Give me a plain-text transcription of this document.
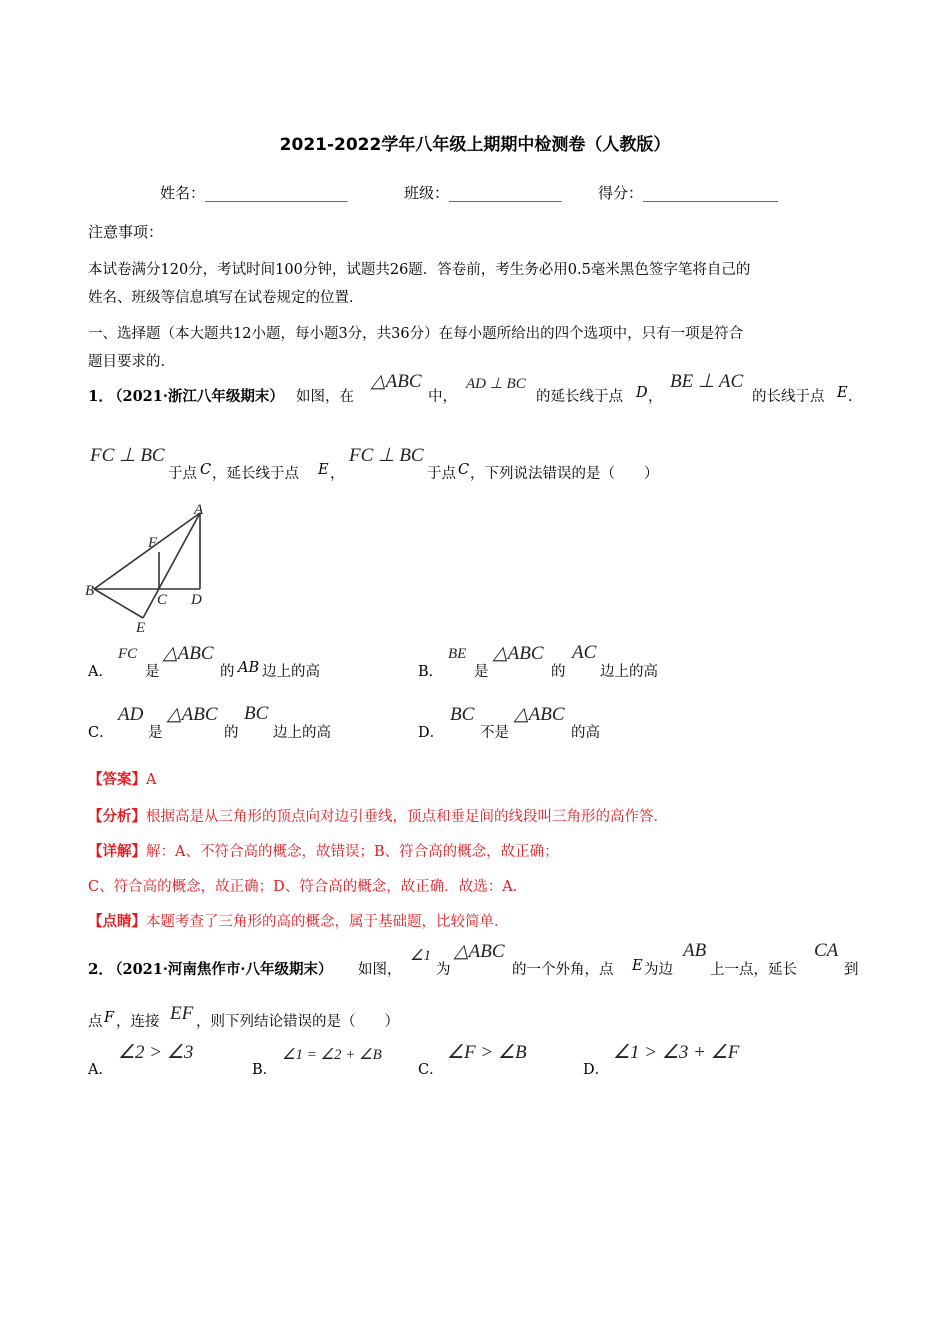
2021-2022学年八年级上期期中检测卷（人教版）
姓名：___________________	班级：_______________ 得分：__________________
注意事项：
本试卷满分120分，考试时间100分钟，试题共26题．答卷前，考生务必用0.5毫米黑色签字笔将自己的
姓名、班级等信息填写在试卷规定的位置．
一、选择题（本大题共12小题，每小题3分，共36分）在每小题所给出的四个选项中，只有一项是符合
题目要求的．
1．
（2021·浙江八年级期末） 如图，在
△ABC
中，
AD ⊥ BC
的延长线于点 D ，
BE ⊥ AC
的长线于点 E ．
FC ⊥ BC
于点 C ，延长线于点 E ，
FC ⊥ BC
于点 C ，下列说法错误的是（　　）
A
B
C D
E
F
A．
FC
是
△ABC
的 AB 边上的高	B．
BE
是
△ABC
的
AC
边上的高
C．
AD
是
△ABC
的
BC
边上的高	D．
BC
不是
△ABC
的高
【答案】A
【分析】根据高是从三角形的顶点向对边引垂线，顶点和垂足间的线段叫三角形的高作答．
【详解】解：A、不符合高的概念，故错误；B、符合高的概念，故正确；
C、符合高的概念，故正确；D、符合高的概念，故正确．故选：A．
【点睛】本题考查了三角形的高的概念，属于基础题，比较简单．
2．
（2021·河南焦作市·八年级期末） 如图，
∠1
为
△ABC
的一个外角，点 E 为边
AB
上一点，延长
CA
到
点 F ，连接 EF ，则下列结论错误的是（　　）
A．
∠2 > ∠3
B．
∠1 = ∠2 + ∠B
C．
∠F > ∠B
D．
∠1 > ∠3 + ∠F
